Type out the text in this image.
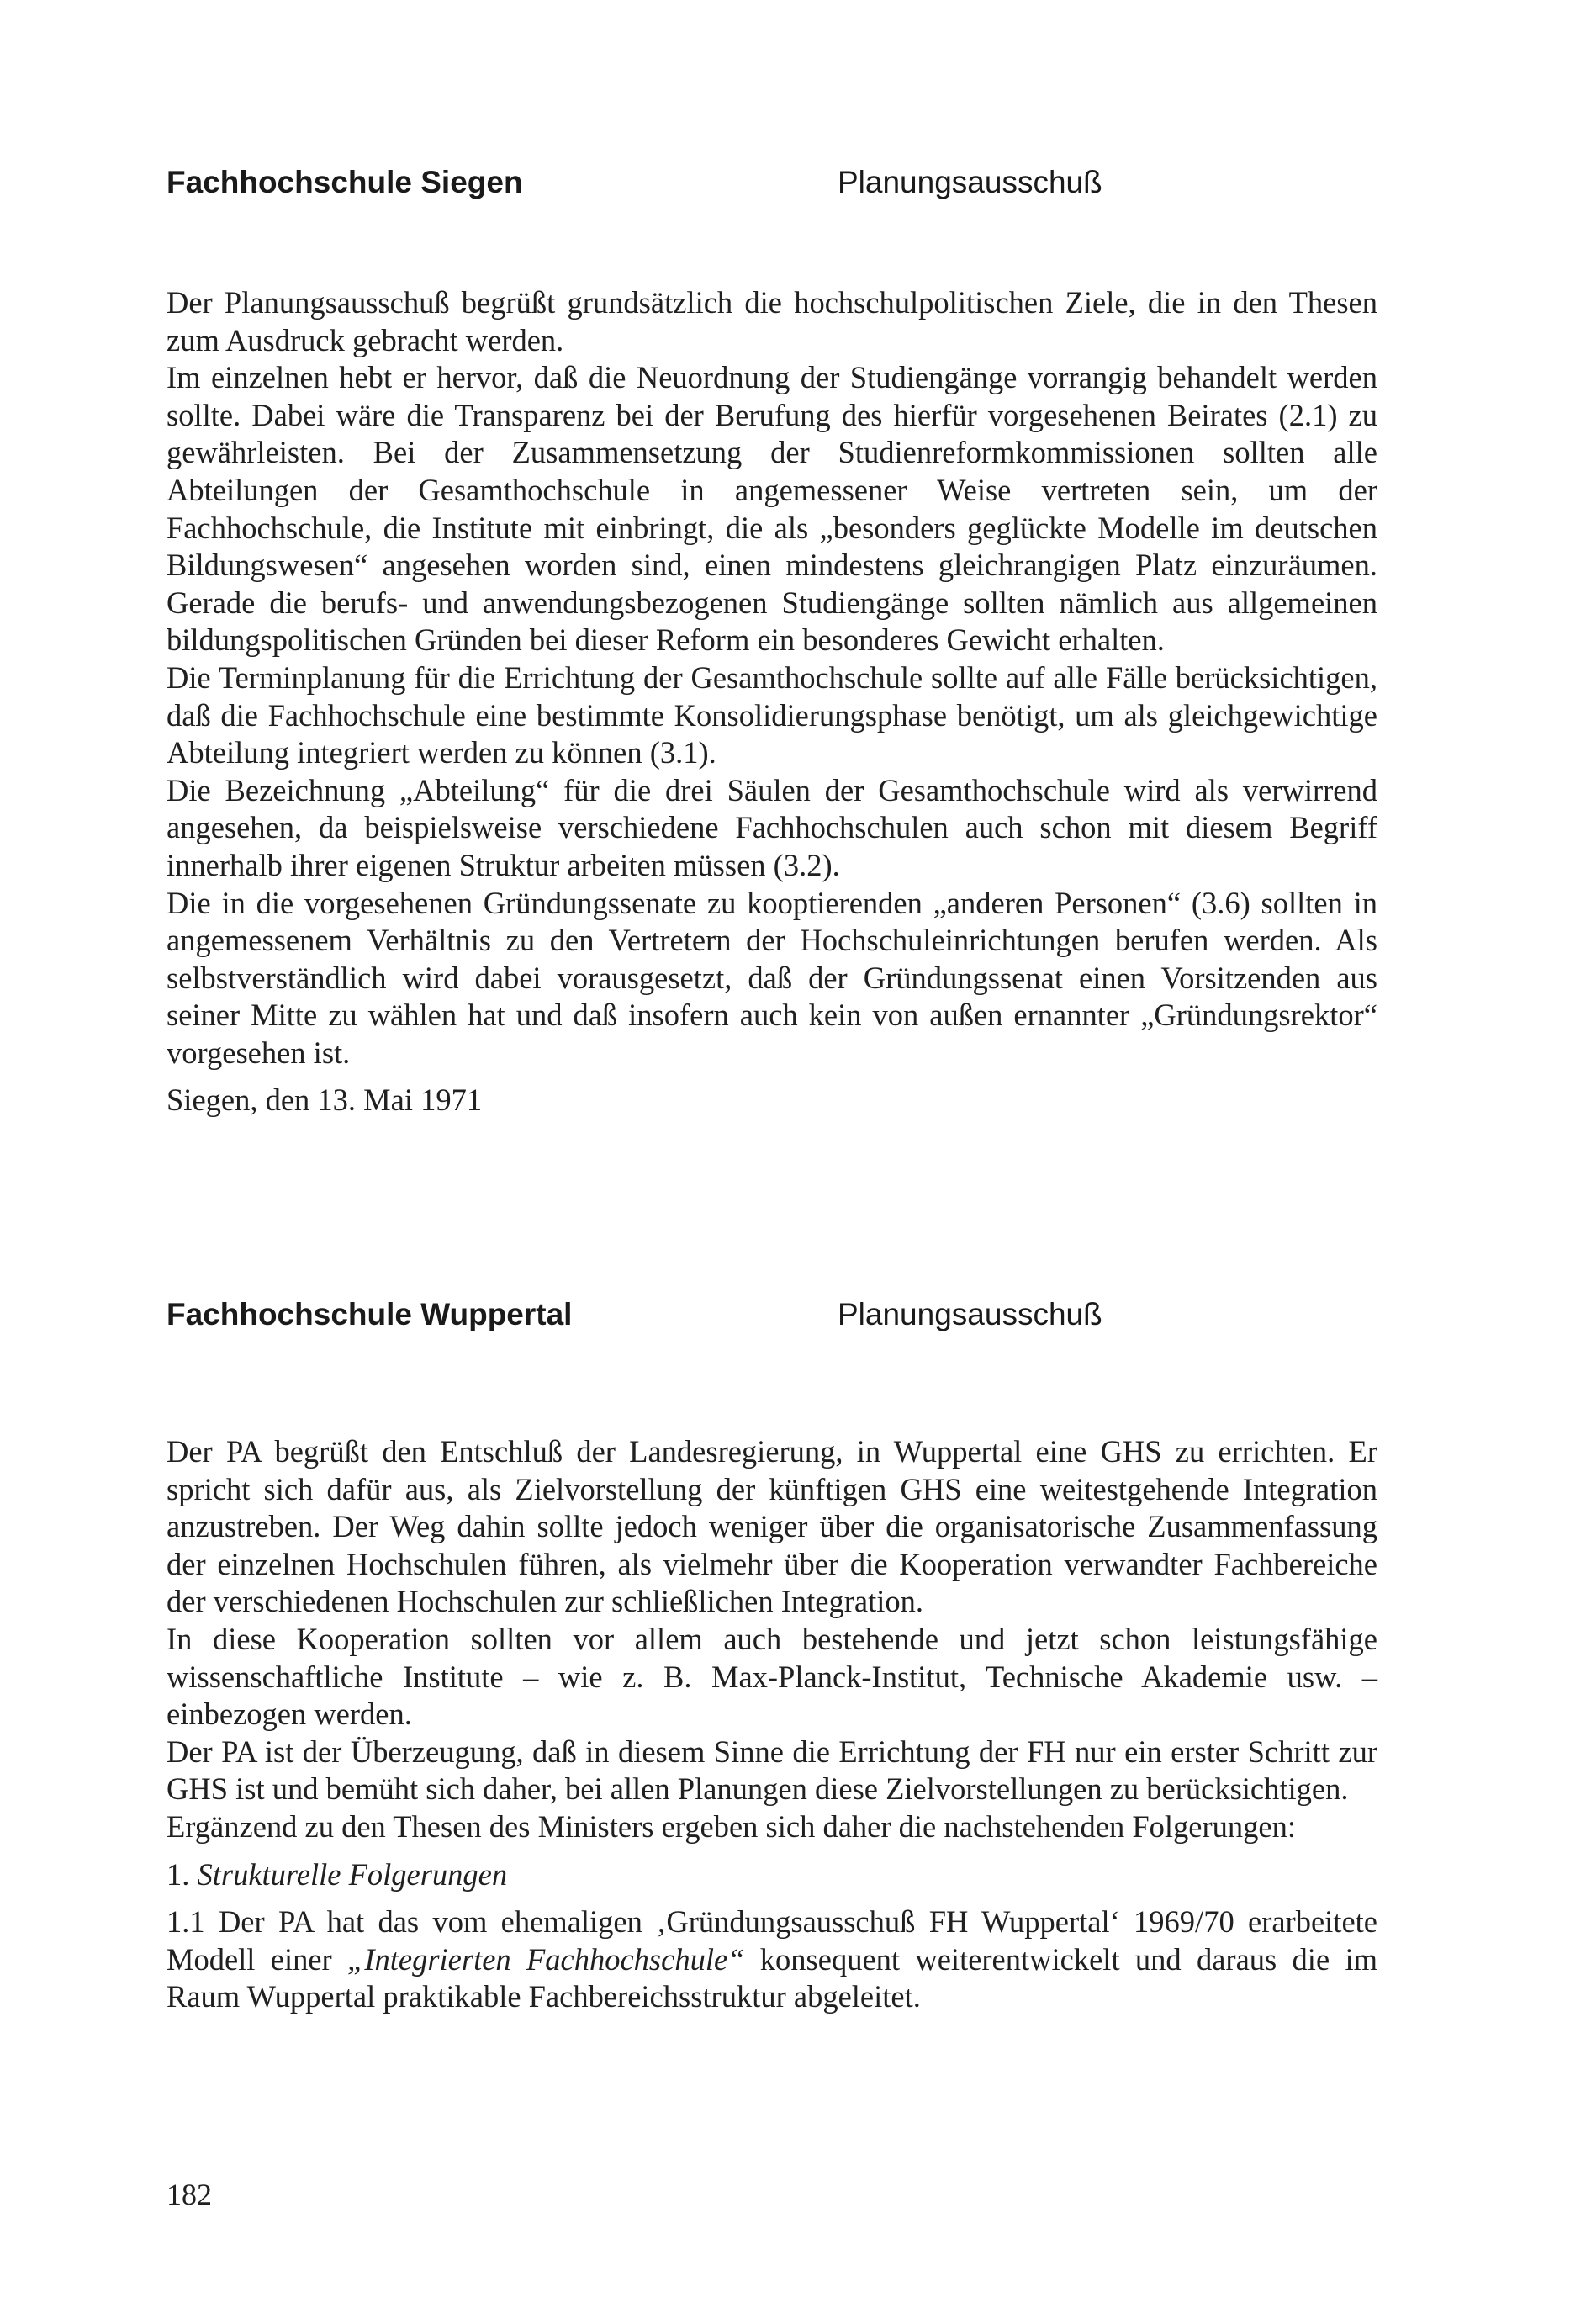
Fachhochschule Siegen	Planungsausschuß

Der Planungsausschuß begrüßt grundsätzlich die hochschulpolitischen Ziele, die in den Thesen zum Ausdruck gebracht werden.

Im einzelnen hebt er hervor, daß die Neuordnung der Studiengänge vorrangig behandelt werden sollte. Dabei wäre die Transparenz bei der Berufung des hierfür vorgesehenen Beirates (2.1) zu gewährleisten. Bei der Zusammensetzung der Studienreformkommissionen sollten alle Abteilungen der Gesamthochschule in angemessener Weise vertreten sein, um der Fachhochschule, die Institute mit einbringt, die als „besonders geglückte Modelle im deutschen Bildungswesen“ angesehen worden sind, einen mindestens gleichrangigen Platz einzuräumen. Gerade die berufs- und anwendungsbezogenen Studiengänge sollten nämlich aus allgemeinen bildungspolitischen Gründen bei dieser Reform ein besonderes Gewicht erhalten.

Die Terminplanung für die Errichtung der Gesamthochschule sollte auf alle Fälle berücksichtigen, daß die Fachhochschule eine bestimmte Konsolidierungsphase benötigt, um als gleichgewichtige Abteilung integriert werden zu können (3.1).

Die Bezeichnung „Abteilung“ für die drei Säulen der Gesamthochschule wird als verwirrend angesehen, da beispielsweise verschiedene Fachhochschulen auch schon mit diesem Begriff innerhalb ihrer eigenen Struktur arbeiten müssen (3.2).

Die in die vorgesehenen Gründungssenate zu kooptierenden „anderen Personen“ (3.6) sollten in angemessenem Verhältnis zu den Vertretern der Hochschuleinrichtungen berufen werden. Als selbstverständlich wird dabei vorausgesetzt, daß der Gründungssenat einen Vorsitzenden aus seiner Mitte zu wählen hat und daß insofern auch kein von außen ernannter „Gründungsrektor“ vorgesehen ist.

Siegen, den 13. Mai 1971

Fachhochschule Wuppertal	Planungsausschuß

Der PA begrüßt den Entschluß der Landesregierung, in Wuppertal eine GHS zu errichten. Er spricht sich dafür aus, als Zielvorstellung der künftigen GHS eine weitestgehende Integration anzustreben. Der Weg dahin sollte jedoch weniger über die organisatorische Zusammenfassung der einzelnen Hochschulen führen, als vielmehr über die Kooperation verwandter Fachbereiche der verschiedenen Hochschulen zur schließlichen Integration.

In diese Kooperation sollten vor allem auch bestehende und jetzt schon leistungsfähige wissenschaftliche Institute – wie z. B. Max-Planck-Institut, Technische Akademie usw. – einbezogen werden.

Der PA ist der Überzeugung, daß in diesem Sinne die Errichtung der FH nur ein erster Schritt zur GHS ist und bemüht sich daher, bei allen Planungen diese Zielvorstellungen zu berücksichtigen.

Ergänzend zu den Thesen des Ministers ergeben sich daher die nachstehenden Folgerungen:

1. Strukturelle Folgerungen

1.1 Der PA hat das vom ehemaligen ‚Gründungsausschuß FH Wuppertal‘ 1969/70 erarbeitete Modell einer „Integrierten Fachhochschule“ konsequent weiterentwickelt und daraus die im Raum Wuppertal praktikable Fachbereichsstruktur abgeleitet.

182
